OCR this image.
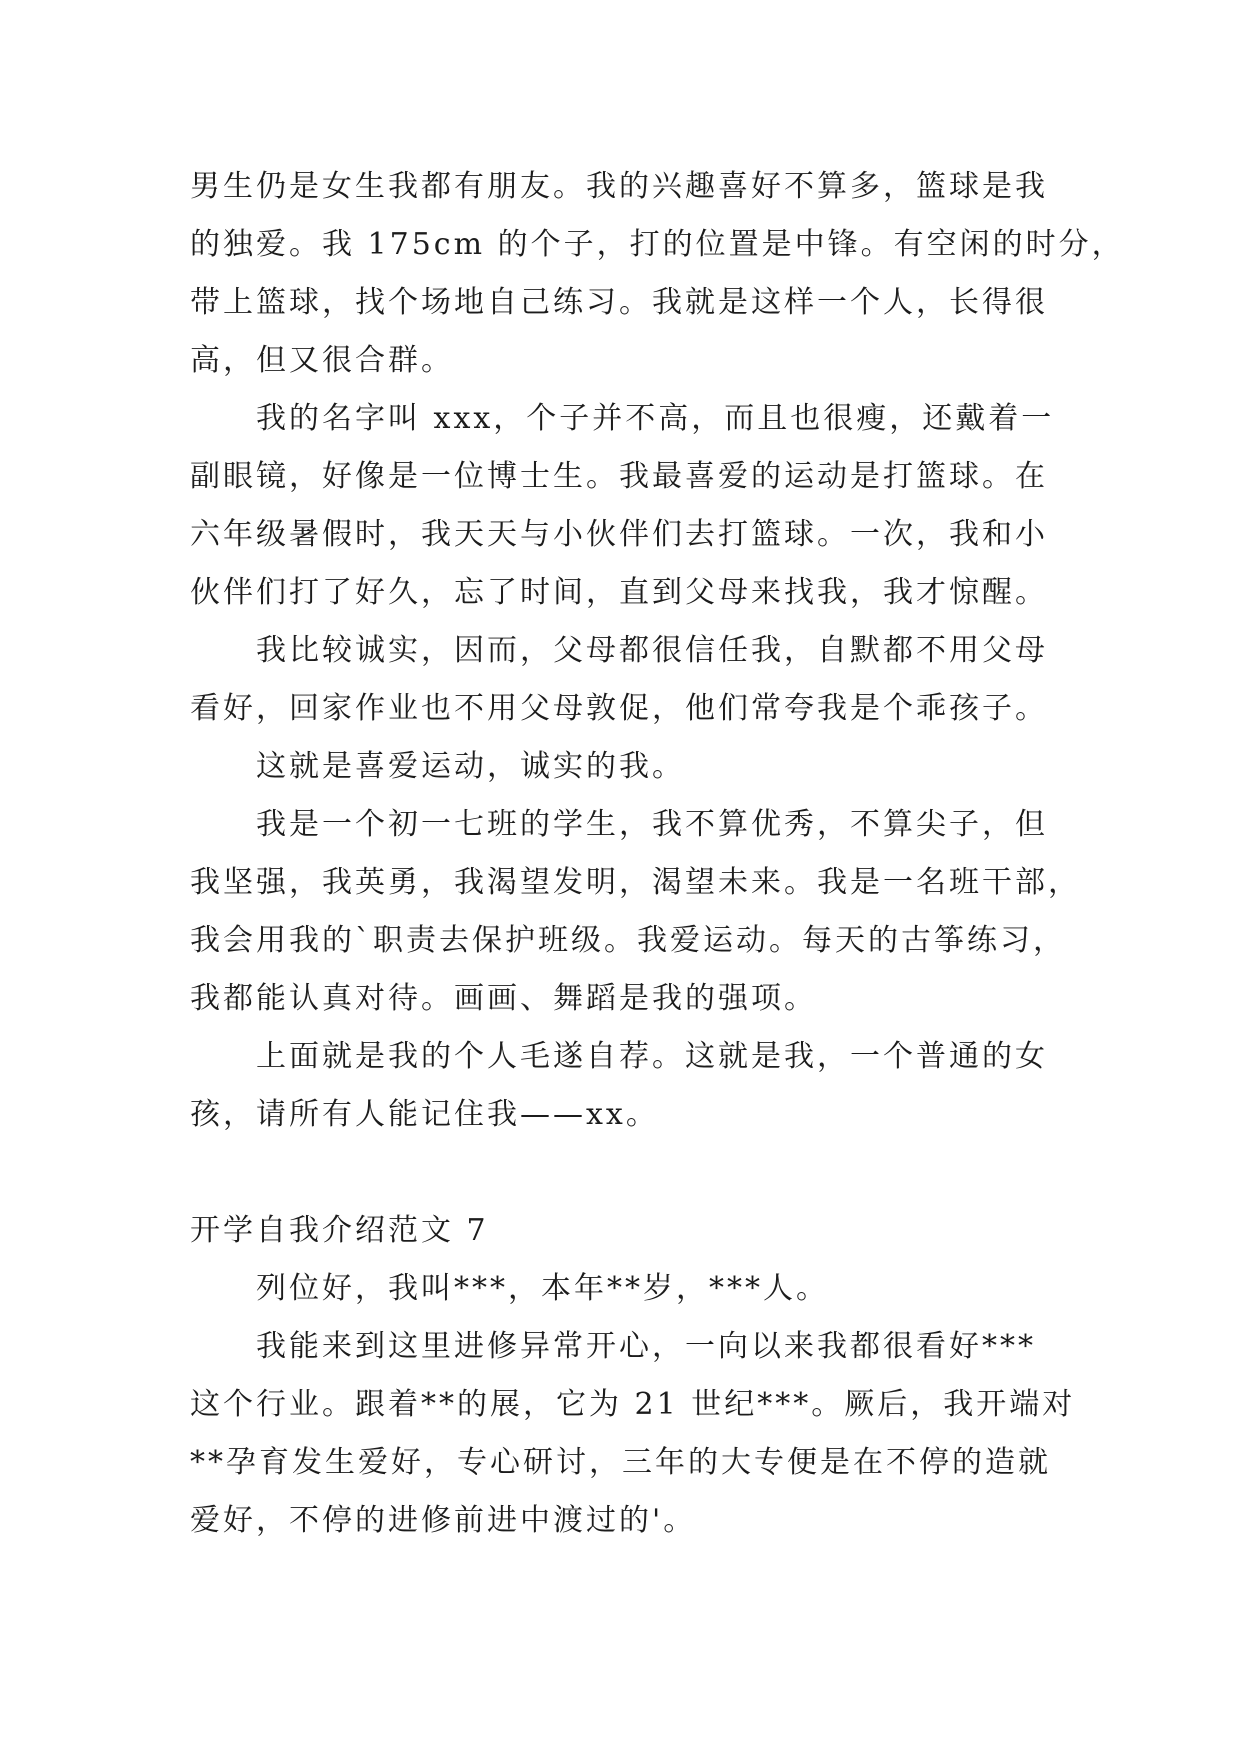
男生仍是女生我都有朋友。我的兴趣喜好不算多，篮球是我
的独爱。我 175cm 的个子，打的位置是中锋。有空闲的时分，
带上篮球，找个场地自己练习。我就是这样一个人，长得很
高，但又很合群。
我的名字叫 xxx，个子并不高，而且也很瘦，还戴着一
副眼镜，好像是一位博士生。我最喜爱的运动是打篮球。在
六年级暑假时，我天天与小伙伴们去打篮球。一次，我和小
伙伴们打了好久，忘了时间，直到父母来找我，我才惊醒。
我比较诚实，因而，父母都很信任我，自默都不用父母
看好，回家作业也不用父母敦促，他们常夸我是个乖孩子。
这就是喜爱运动，诚实的我。
我是一个初一七班的学生，我不算优秀，不算尖子，但
我坚强，我英勇，我渴望发明，渴望未来。我是一名班干部，
我会用我的`职责去保护班级。我爱运动。每天的古筝练习，
我都能认真对待。画画、舞蹈是我的强项。
上面就是我的个人毛遂自荐。这就是我，一个普通的女
孩，请所有人能记住我——xx。
开学自我介绍范文 7
列位好，我叫***，本年**岁，***人。
我能来到这里进修异常开心，一向以来我都很看好***
这个行业。跟着**的展，它为 21 世纪***。厥后，我开端对
**孕育发生爱好，专心研讨，三年的大专便是在不停的造就
爱好，不停的进修前进中渡过的'。
